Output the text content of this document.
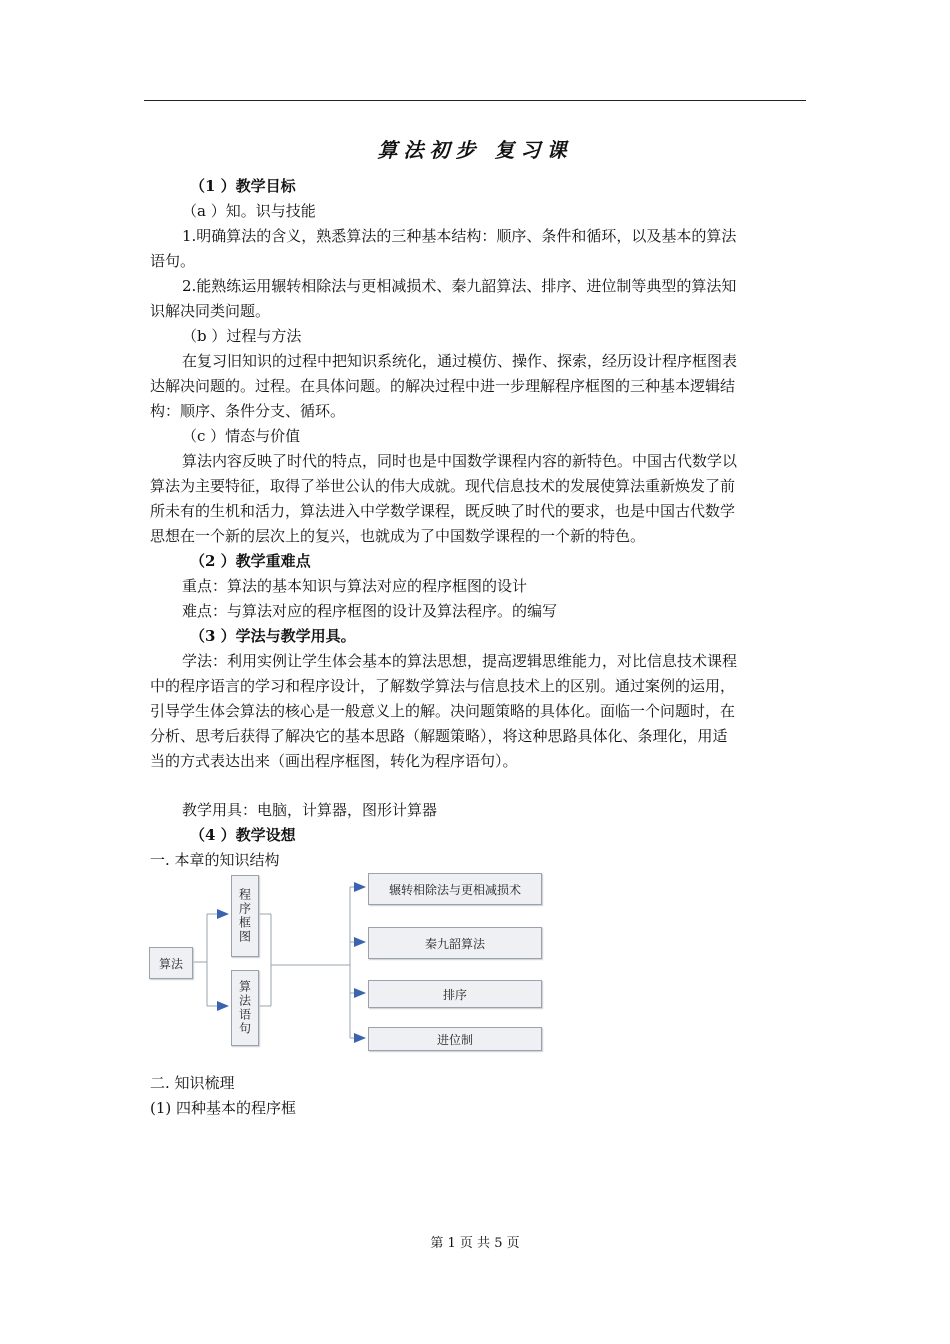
算法初步 复习课
（1 ）教学目标
（a ）知。识与技能
1.明确算法的含义，熟悉算法的三种基本结构：顺序、条件和循环，以及基本的算法
语句。
2.能熟练运用辗转相除法与更相减损术、秦九韶算法、排序、进位制等典型的算法知
识解决同类问题。
（b ）过程与方法
在复习旧知识的过程中把知识系统化，通过模仿、操作、探索，经历设计程序框图表
达解决问题的。过程。在具体问题。的解决过程中进一步理解程序框图的三种基本逻辑结
构：顺序、条件分支、循环。
（c ）情态与价值
算法内容反映了时代的特点，同时也是中国数学课程内容的新特色。中国古代数学以
算法为主要特征，取得了举世公认的伟大成就。现代信息技术的发展使算法重新焕发了前
所未有的生机和活力，算法进入中学数学课程，既反映了时代的要求，也是中国古代数学
思想在一个新的层次上的复兴，也就成为了中国数学课程的一个新的特色。
（2 ）教学重难点
重点：算法的基本知识与算法对应的程序框图的设计
难点：与算法对应的程序框图的设计及算法程序。的编写
（3 ）学法与教学用具。
学法：利用实例让学生体会基本的算法思想，提高逻辑思维能力，对比信息技术课程
中的程序语言的学习和程序设计，了解数学算法与信息技术上的区别。通过案例的运用，
引导学生体会算法的核心是一般意义上的解。决问题策略的具体化。面临一个问题时，在
分析、思考后获得了解决它的基本思路（解题策略），将这种思路具体化、条理化，用适
当的方式表达出来（画出程序框图，转化为程序语句）。
教学用具：电脑，计算器，图形计算器
（4 ）教学设想
一. 本章的知识结构
算法
程序框图
算法语句
辗转相除法与更相减损术
秦九韶算法
排序
进位制
二. 知识梳理
(1) 四种基本的程序框
第 1 页 共 5 页
